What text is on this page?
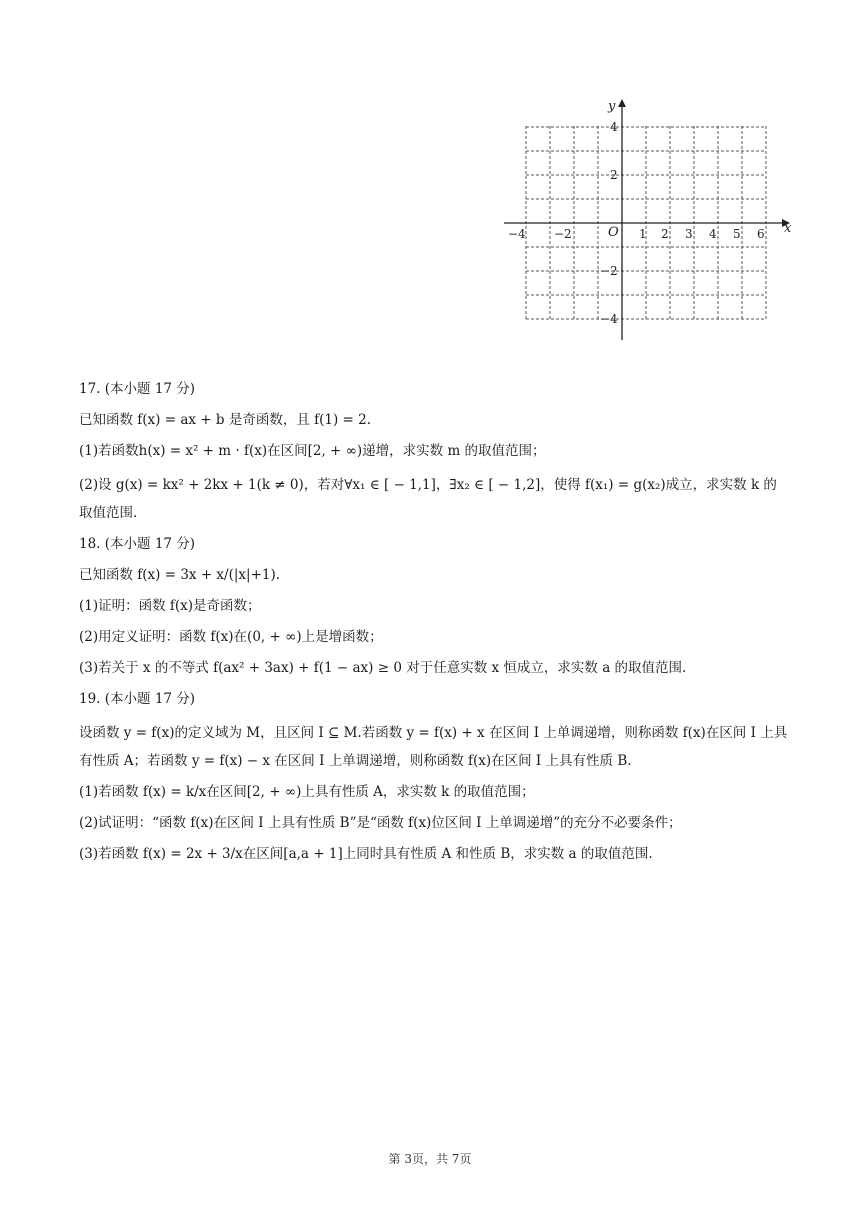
x
y
O
−4 −2	1 2 3 4 5 6
4
2
−2
−4

17. (本小题 17 分)

已知函数 f(x) = ax + b 是奇函数，且 f(1) = 2.

(1)若函数h(x) = x² + m · f(x)在区间[2, + ∞)递增，求实数 m 的取值范围；

(2)设 g(x) = kx² + 2kx + 1(k ≠ 0)，若对∀x₁ ∈ [ − 1,1]，∃x₂ ∈ [ − 1,2]，使得 f(x₁) = g(x₂)成立，求实数 k 的取值范围.

18. (本小题 17 分)

已知函数 f(x) = 3x + x/(|x|+1).

(1)证明：函数 f(x)是奇函数；

(2)用定义证明：函数 f(x)在(0, + ∞)上是增函数；

(3)若关于 x 的不等式 f(ax² + 3ax) + f(1 − ax) ≥ 0 对于任意实数 x 恒成立，求实数 a 的取值范围.

19. (本小题 17 分)

设函数 y = f(x)的定义域为 M，且区间 I ⊆ M.若函数 y = f(x) + x 在区间 I 上单调递增，则称函数 f(x)在区间 I 上具有性质 A；若函数 y = f(x) − x 在区间 I 上单调递增，则称函数 f(x)在区间 I 上具有性质 B.

(1)若函数 f(x) = k/x在区间[2, + ∞)上具有性质 A，求实数 k 的取值范围；

(2)试证明：“函数 f(x)在区间 I 上具有性质 B”是“函数 f(x)位区间 I 上单调递增”的充分不必要条件；

(3)若函数 f(x) = 2x + 3/x在区间[a,a + 1]上同时具有性质 A 和性质 B，求实数 a 的取值范围.

第 3页，共 7页
